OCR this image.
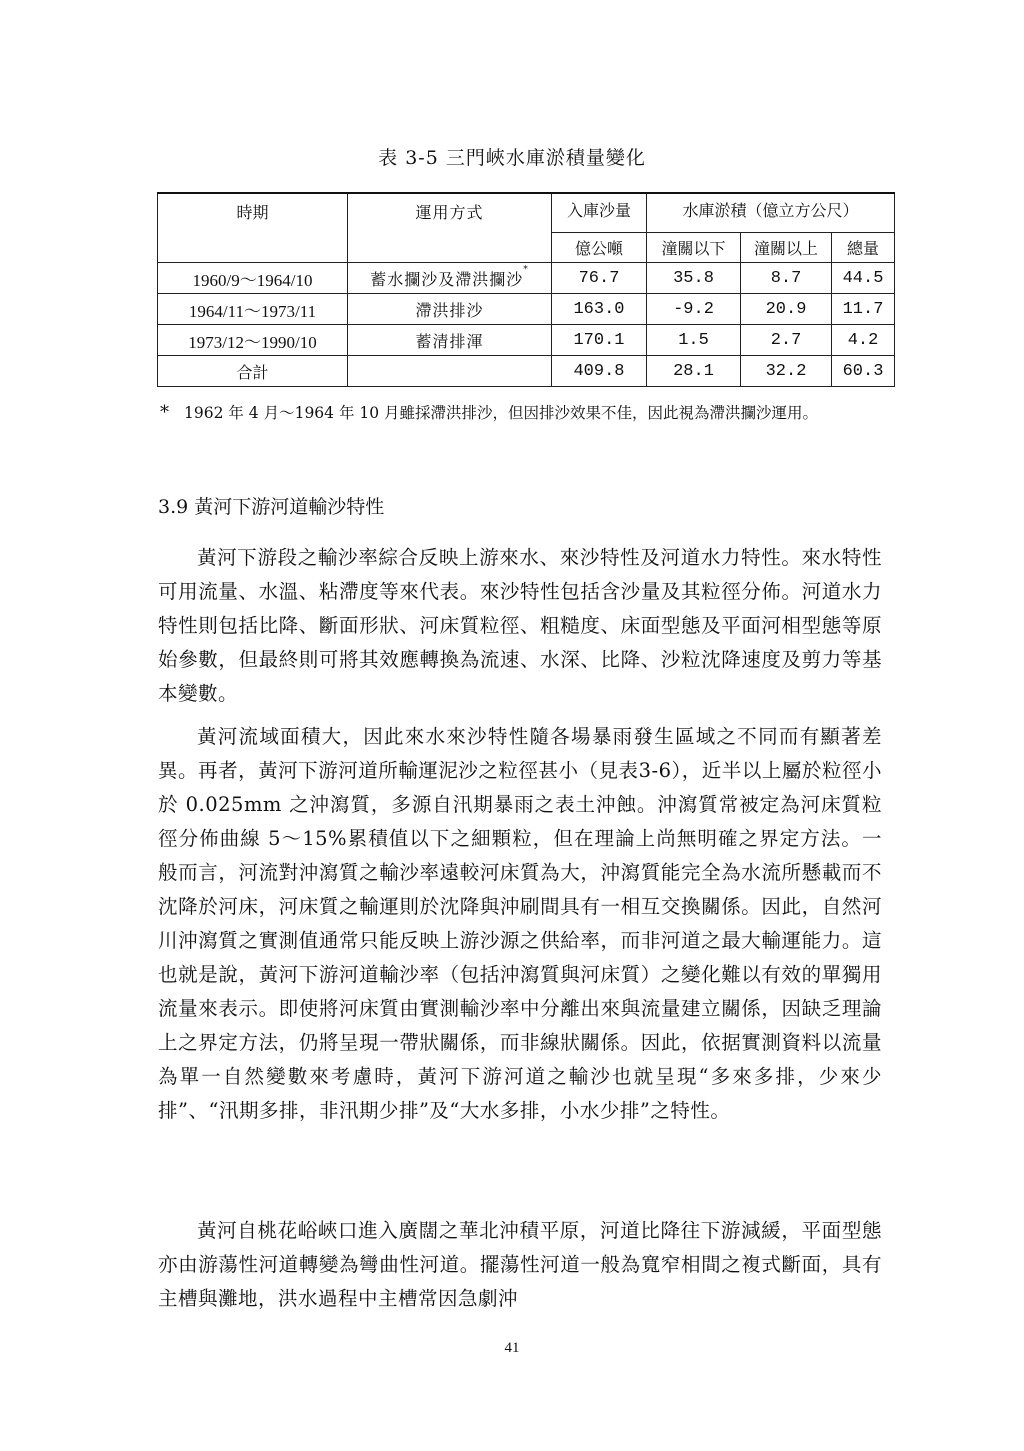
表 3-5 三門峽水庫淤積量變化
時期	運用方式	入庫沙量	水庫淤積（億立方公尺）		
		億公噸	潼關以下	潼關以上	總量
1960/9～1964/10	蓄水攔沙及滯洪攔沙*	76.7	35.8	8.7	44.5
1964/11～1973/11	滯洪排沙	163.0	-9.2	20.9	11.7
1973/12～1990/10	蓄清排渾	170.1	1.5	2.7	4.2
合計		409.8	28.1	32.2	60.3
* 1962 年 4 月～1964 年 10 月雖採滯洪排沙，但因排沙效果不佳，因此視為滯洪攔沙運用。
3.9 黃河下游河道輸沙特性

黃河下游段之輸沙率綜合反映上游來水、來沙特性及河道水力特性。來水特性可用流量、水溫、粘滯度等來代表。來沙特性包括含沙量及其粒徑分佈。河道水力特性則包括比降、斷面形狀、河床質粒徑、粗糙度、床面型態及平面河相型態等原始參數，但最終則可將其效應轉換為流速、水深、比降、沙粒沈降速度及剪力等基本變數。

黃河流域面積大，因此來水來沙特性隨各場暴雨發生區域之不同而有顯著差異。再者，黃河下游河道所輸運泥沙之粒徑甚小（見表3-6），近半以上屬於粒徑小於 0.025mm 之沖瀉質，多源自汛期暴雨之表土沖蝕。沖瀉質常被定為河床質粒徑分佈曲線 5～15%累積值以下之細顆粒，但在理論上尚無明確之界定方法。一般而言，河流對沖瀉質之輸沙率遠較河床質為大，沖瀉質能完全為水流所懸載而不沈降於河床，河床質之輸運則於沈降與沖刷間具有一相互交換關係。因此，自然河川沖瀉質之實測值通常只能反映上游沙源之供給率，而非河道之最大輸運能力。這也就是說，黃河下游河道輸沙率（包括沖瀉質與河床質）之變化難以有效的單獨用流量來表示。即使將河床質由實測輸沙率中分離出來與流量建立關係，因缺乏理論上之界定方法，仍將呈現一帶狀關係，而非線狀關係。因此，依据實測資料以流量為單一自然變數來考慮時，黃河下游河道之輸沙也就呈現“多來多排，少來少排”、“汛期多排，非汛期少排”及“大水多排，小水少排”之特性。

黃河自桃花峪峽口進入廣闊之華北沖積平原，河道比降往下游減緩，平面型態亦由游蕩性河道轉變為彎曲性河道。擺蕩性河道一般為寬窄相間之複式斷面，具有主槽與灘地，洪水過程中主槽常因急劇沖

41
